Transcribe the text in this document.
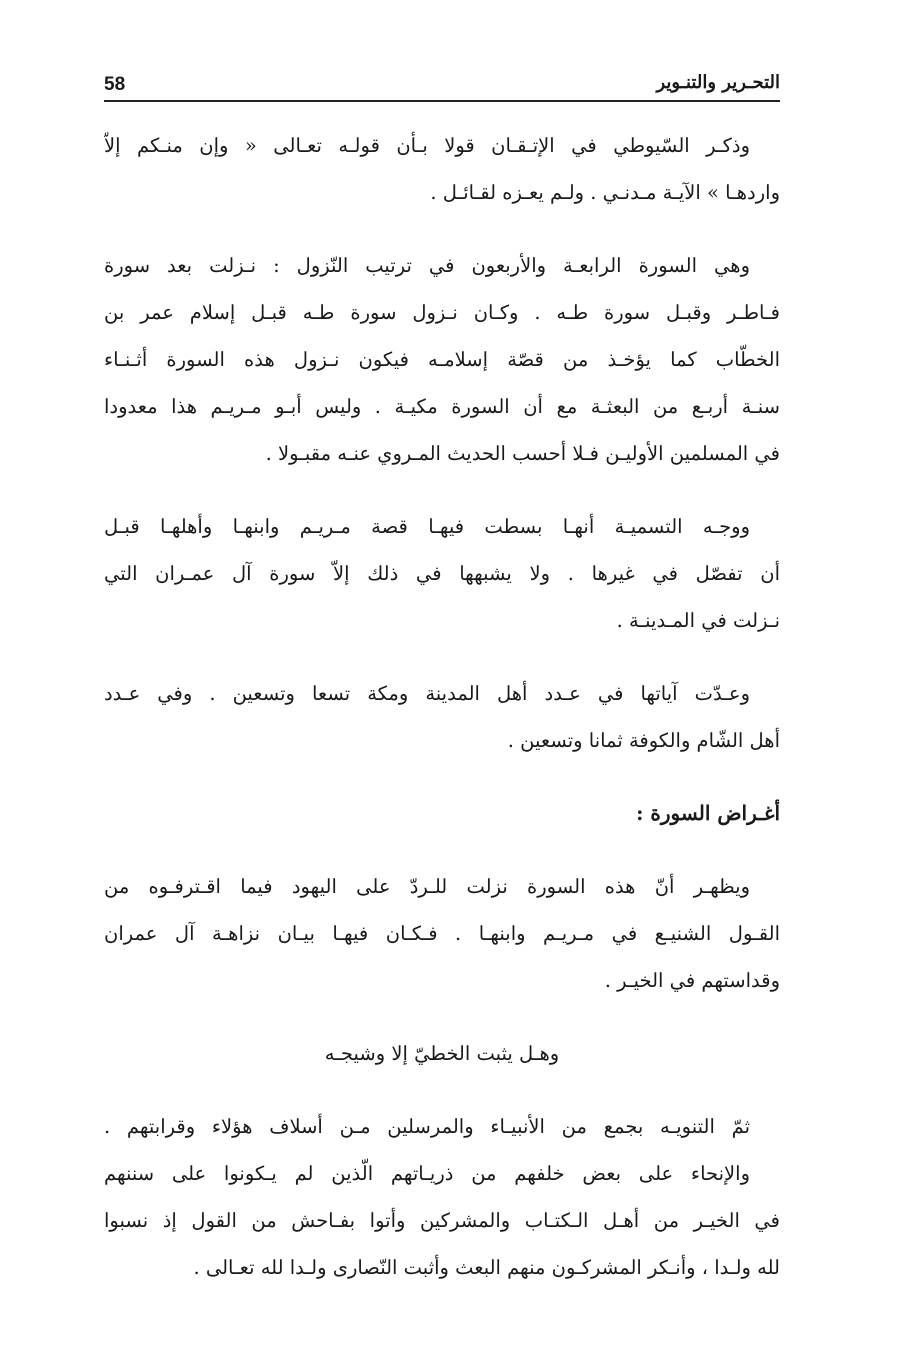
58	التحـرير والتنـوير
وذكـر السّيوطي في الإتـقـان قولا بـأن قولـه تعـالى « وإن منـكم إلاّ
واردهـا » الآيـة مـدنـي . ولـم يعـزه لقـائـل .
وهي السورة الرابعـة والأربعون في ترتيب النّزول : نـزلت بعد سورة
فـاطـر وقبـل سورة طـه . وكـان نـزول سورة طـه قبـل إسلام عمر بن
الخطّاب كما يؤخـذ من قصّة إسلامـه فيكون نـزول هذه السورة أثـنـاء
سنـة أربـع من البعثـة مع أن السورة مكيـة . وليس أبـو مـريـم هذا معدودا
في المسلمين الأوليـن فـلا أحسب الحديث المـروي عنـه مقبـولا .
ووجـه التسميـة أنهـا بسطت فيهـا قصة مـريـم وابنهـا وأهلهـا قبـل
أن تفصّل في غيرها . ولا يشبهها في ذلك إلاّ سورة آل عمـران التي
نـزلت في المـدينـة .
وعـدّت آياتها في عـدد أهل المدينة ومكة تسعا وتسعين . وفي عـدد
أهل الشّام والكوفة ثمانا وتسعين .
أغـراض السورة :
ويظهـر أنّ هذه السورة نزلت للـردّ على اليهود فيما اقـترفـوه من
القـول الشنيـع في مـريـم وابنهـا . فـكـان فيهـا بيـان نزاهـة آل عمران
وقداستهم في الخيـر .
وهـل يثبت الخطيّ إلا وشيجـه
ثمّ التنويـه بجمع من الأنبيـاء والمرسلين مـن أسلاف هؤلاء وقرابتهم .
والإنحاء على بعض خلفهم من ذريـاتهم الّذين لم يـكونوا على سننهم
في الخيـر من أهـل الـكتـاب والمشركين وأتوا بفـاحش من القول إذ نسبوا
لله ولـدا ، وأنـكر المشركـون منهم البعث وأثبت النّصارى ولـدا لله تعـالى .
